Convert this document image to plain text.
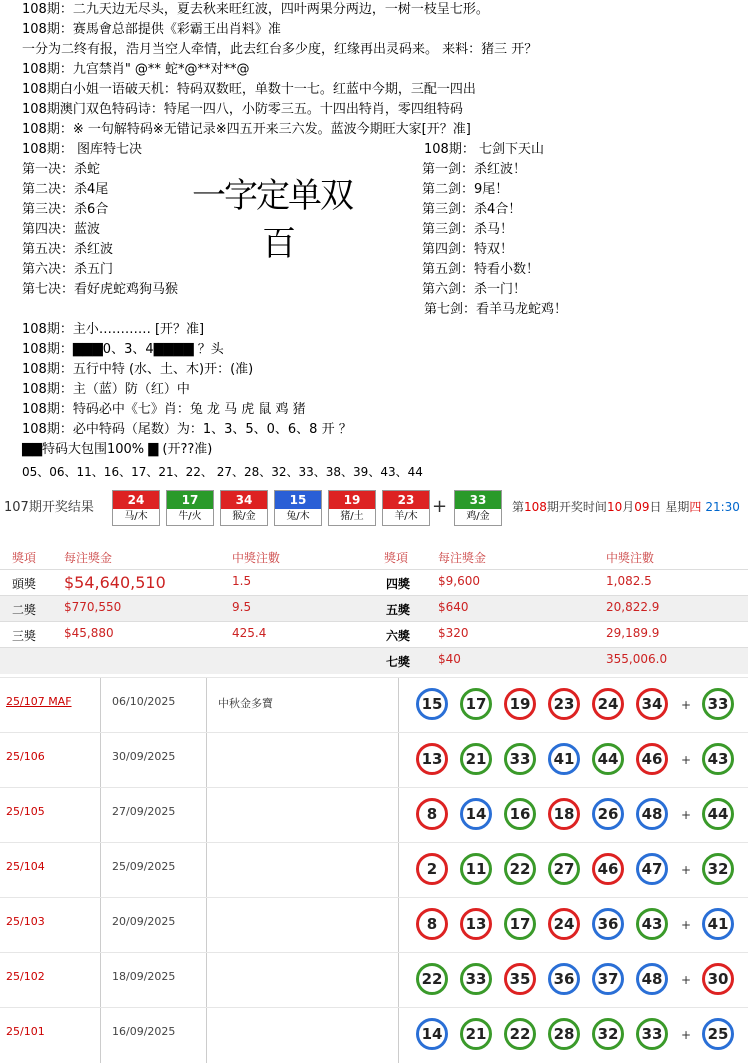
108期：二九天边无尽头，夏去秋来旺红波，四叶两果分两边，一树一枝呈七形。
108期：赛馬會总部提供《彩霸王出肖料》准
一分为二终有报，浩月当空人牵情，此去红台多少度，红缘再出灵码来。 来料：猪三 开？
108期：九宫禁肖" @** 蛇*@**对**@
108期白小姐一语破天机：特码双数旺，单数十一七。红蓝中今期，三配一四出
108期澳门双色特码诗：特尾一四八，小防零三五。十四出特肖，零四组特码
108期：※ 一句解特码※无错记录※四五开来三六发。蓝波今期旺大家[开？准]
108期： 图库特七决
第一决：杀蛇
第二决：杀4尾
第三决：杀6合
第四决：蓝波
第五决：杀红波
第六决：杀五门
第七决：看好虎蛇鸡狗马猴
一字定单双
百
108期： 七剑下天山
第一剑：杀红波！
第二剑：9尾！
第三剑：杀4合！
第三剑：杀马！
第四剑：特双！
第五剑：特看小数！
第六剑：杀一门！
第七剑：看羊马龙蛇鸡！
108期：主小………… [开？准]
108期：▇▇▇0、3、4▇▇▇▇ ？头
108期：五行中特 (水、土、木)开：(准)
108期：主（蓝）防（红）中
108期：特码必中《七》肖：兔 龙 马 虎 鼠 鸡 猪
108期：必中特码（尾数）为：1、3、5、0、6、8 开 ？
▇▇特码大包围100% ▇ (开??准)
05、06、11、16、17、21、22、 27、28、32、33、38、39、43、44
107期开奖结果	24
马/木
17
牛/火
34
猴/金
15
兔/木
19
猪/土
23
羊/木 +	33
鸡/金
第108期开奖时间10月09日 星期四 21:30
獎項 每注獎金	中獎注數	獎項 每注獎金	中獎注數
頭獎 $54,640,510	1.5	四獎 $9,600	1,082.5
二獎 $770,550	9.5	五獎 $640	20,822.9
三獎 $45,880	425.4	六獎 $320	29,189.9
七獎 $40	355,006.0
25/107 MAF	06/10/2025	中秋金多寶	15	17	19	23	24	34	+	33
25/106	30/09/2025	13	21	33	41	44	46	+	43
25/105	27/09/2025	8	14	16	18	26	48	+	44
25/104	25/09/2025	2	11	22	27	46	47	+	32
25/103	20/09/2025	8	13	17	24	36	43	+	41
25/102	18/09/2025	22	33	35	36	37	48	+	30
25/101	16/09/2025	14	21	22	28	32	33	+	25
